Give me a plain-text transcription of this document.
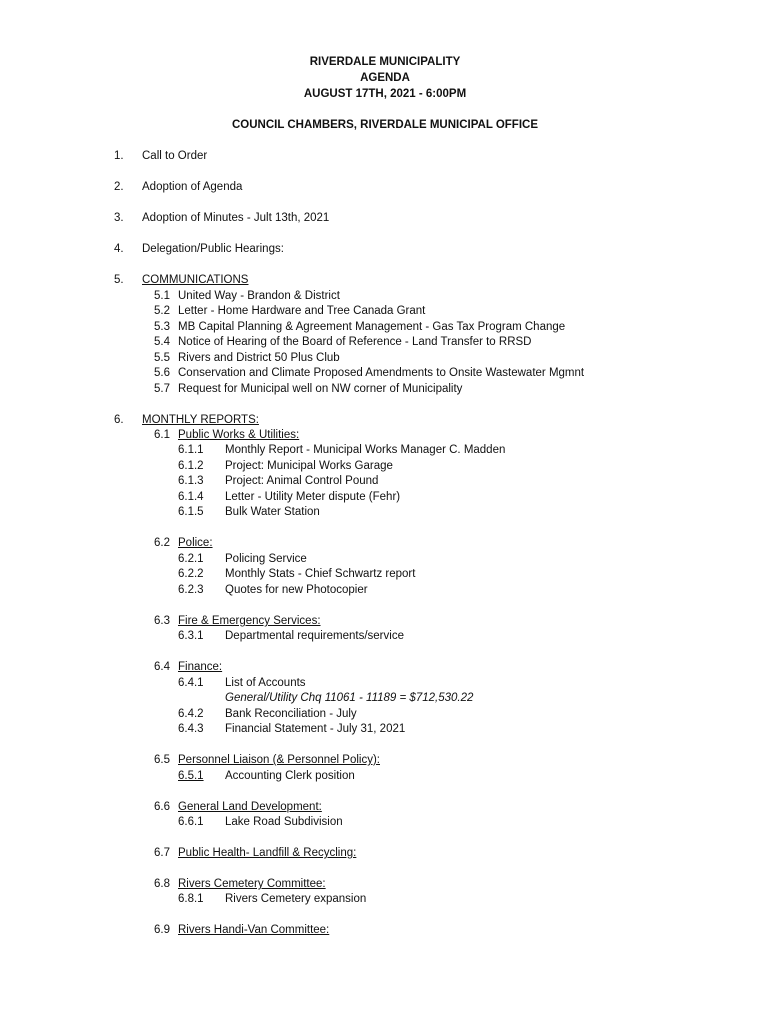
RIVERDALE MUNICIPALITY
AGENDA
AUGUST 17TH, 2021 - 6:00PM
COUNCIL CHAMBERS, RIVERDALE MUNICIPAL OFFICE
1. Call to Order
2. Adoption of Agenda
3. Adoption of Minutes - Jult 13th, 2021
4. Delegation/Public Hearings:
5. COMMUNICATIONS
5.1 United Way - Brandon & District
5.2 Letter - Home Hardware and Tree Canada Grant
5.3 MB Capital Planning & Agreement Management - Gas Tax Program Change
5.4 Notice of Hearing of the Board of Reference - Land Transfer to RRSD
5.5 Rivers and District 50 Plus Club
5.6 Conservation and Climate Proposed Amendments to Onsite Wastewater Mgmnt
5.7 Request for Municipal well on NW corner of Municipality
6. MONTHLY REPORTS:
6.1 Public Works & Utilities:
6.1.1 Monthly Report - Municipal Works Manager C. Madden
6.1.2 Project: Municipal Works Garage
6.1.3 Project: Animal Control Pound
6.1.4 Letter - Utility Meter dispute (Fehr)
6.1.5 Bulk Water Station
6.2 Police:
6.2.1 Policing Service
6.2.2 Monthly Stats - Chief Schwartz report
6.2.3 Quotes for new Photocopier
6.3 Fire & Emergency Services:
6.3.1 Departmental requirements/service
6.4 Finance:
6.4.1 List of Accounts
General/Utility Chq 11061 - 11189 = $712,530.22
6.4.2 Bank Reconciliation - July
6.4.3 Financial Statement - July 31, 2021
6.5 Personnel Liaison (& Personnel Policy):
6.5.1 Accounting Clerk position
6.6 General Land Development:
6.6.1 Lake Road Subdivision
6.7 Public Health- Landfill & Recycling:
6.8 Rivers Cemetery Committee:
6.8.1 Rivers Cemetery expansion
6.9 Rivers Handi-Van Committee:
